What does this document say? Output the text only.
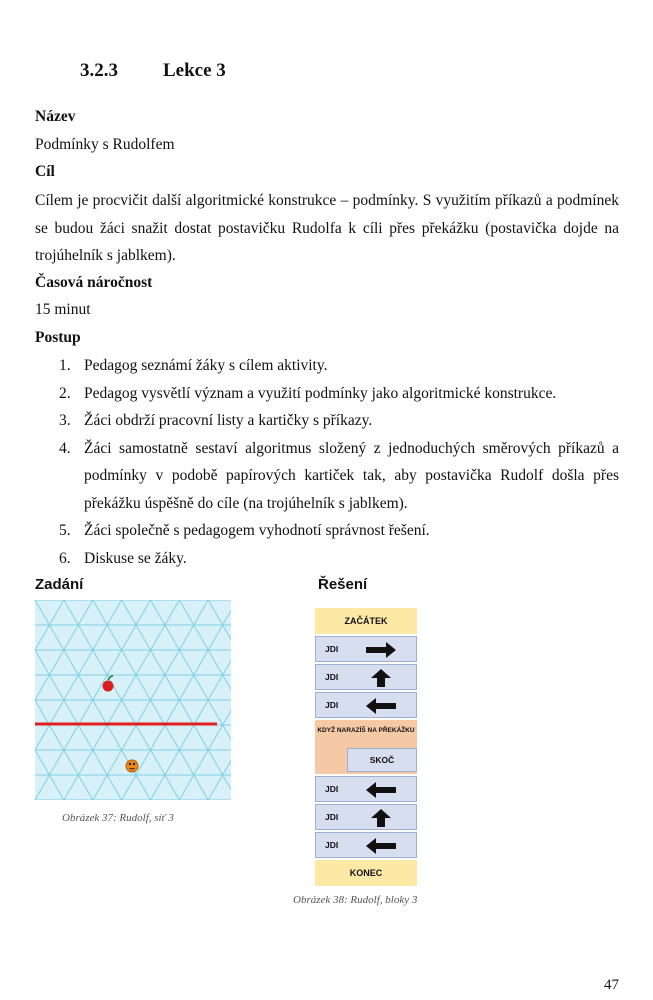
3.2.3 Lekce 3
Název
Podmínky s Rudolfem
Cíl
Cílem je procvičit další algoritmické konstrukce – podmínky. S využitím příkazů a podmínek se budou žáci snažit dostat postavičku Rudolfa k cíli přes překážku (postavička dojde na trojúhelník s jablkem).
Časová náročnost
15 minut
Postup
1. Pedagog seznámí žáky s cílem aktivity.
2. Pedagog vysvětlí význam a využití podmínky jako algoritmické konstrukce.
3. Žáci obdrží pracovní listy a kartičky s příkazy.
4. Žáci samostatně sestaví algoritmus složený z jednoduchých směrových příkazů a podmínky v podobě papírových kartiček tak, aby postavička Rudolf došla přes překážku úspěšně do cíle (na trojúhelník s jablkem).
5. Žáci společně s pedagogem vyhodnotí správnost řešení.
6. Diskuse se žáky.
Zadání
Obrázek 37: Rudolf, síť 3
Řešení
ZAČÁTEK
JDI
JDI
JDI
KDYŽ NARAZÍŠ NA PŘEKÁŽKU
SKOČ
JDI
JDI
JDI
KONEC
Obrázek 38: Rudolf, bloky 3
47
